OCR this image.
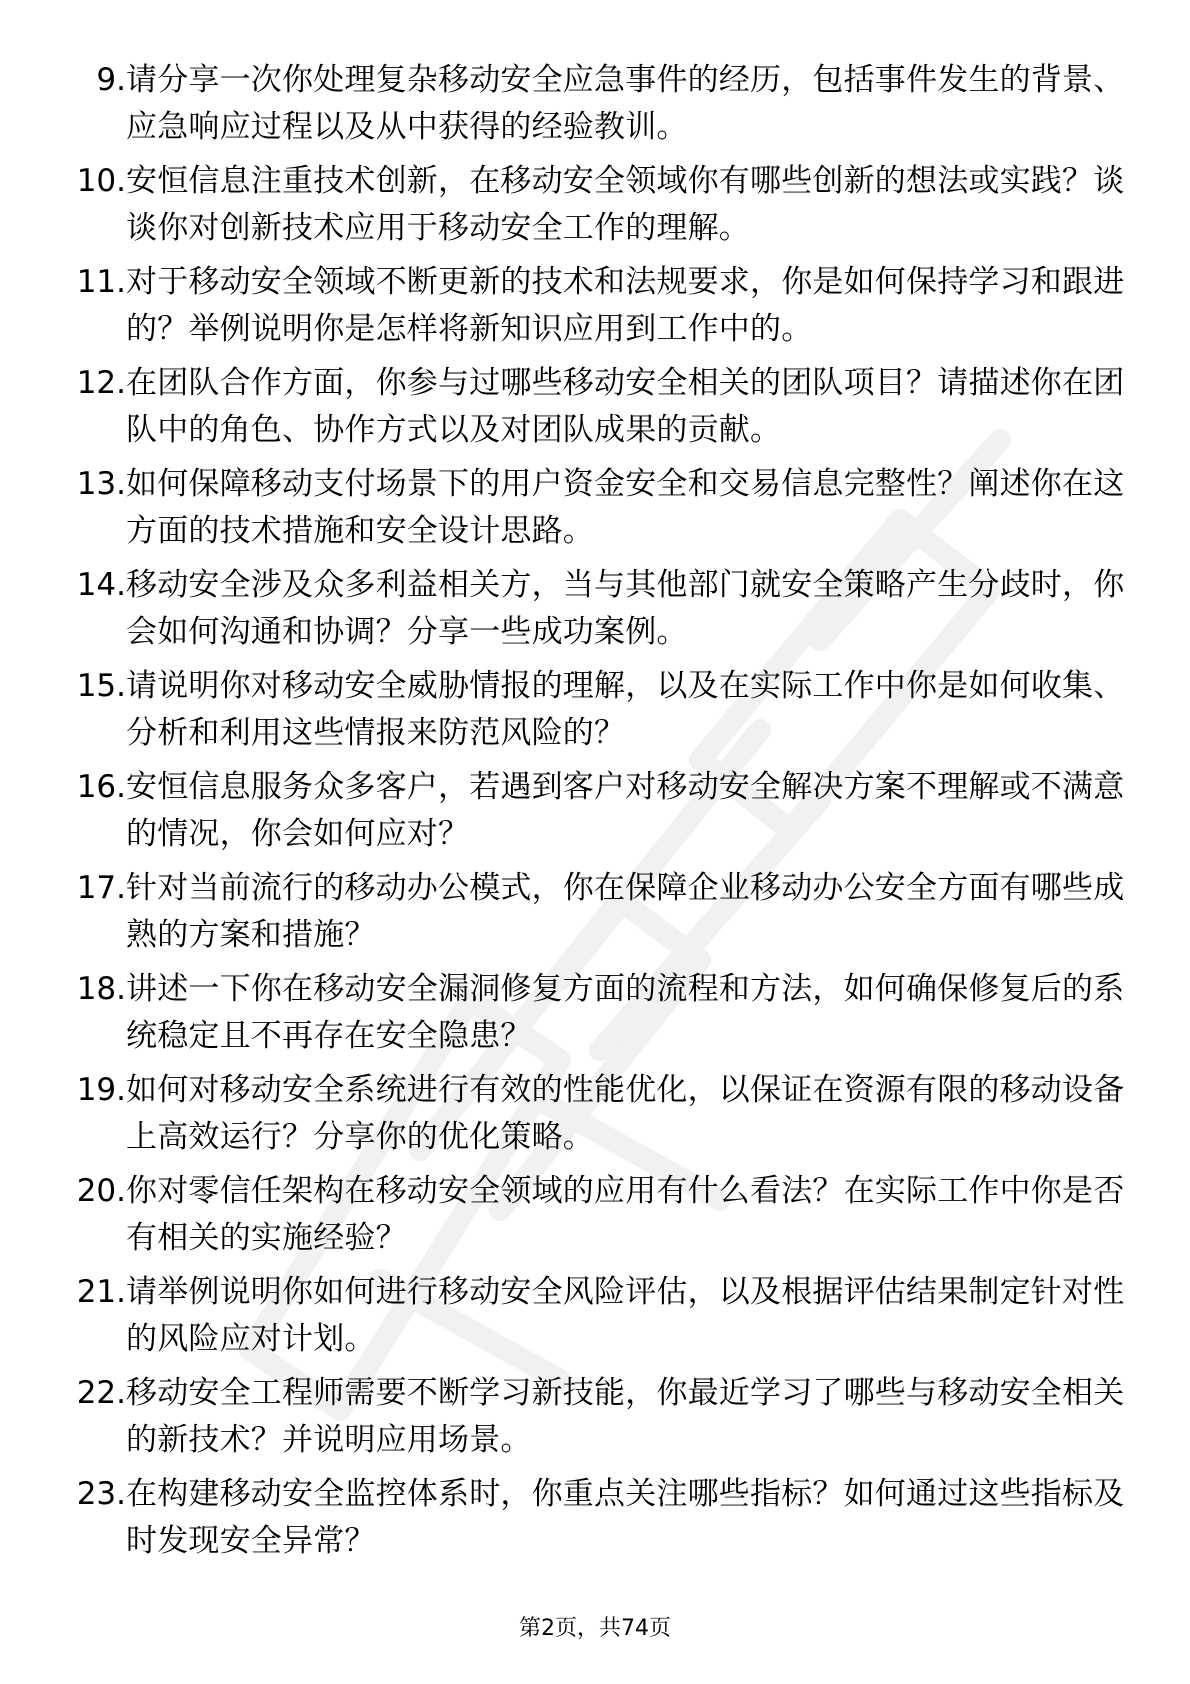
9. 请分享一次你处理复杂移动安全应急事件的经历，包括事件发生的背景、应急响应过程以及从中获得的经验教训。
10. 安恒信息注重技术创新，在移动安全领域你有哪些创新的想法或实践？谈谈你对创新技术应用于移动安全工作的理解。
11. 对于移动安全领域不断更新的技术和法规要求，你是如何保持学习和跟进的？举例说明你是怎样将新知识应用到工作中的。
12. 在团队合作方面，你参与过哪些移动安全相关的团队项目？请描述你在团队中的角色、协作方式以及对团队成果的贡献。
13. 如何保障移动支付场景下的用户资金安全和交易信息完整性？阐述你在这方面的技术措施和安全设计思路。
14. 移动安全涉及众多利益相关方，当与其他部门就安全策略产生分歧时，你会如何沟通和协调？分享一些成功案例。
15. 请说明你对移动安全威胁情报的理解，以及在实际工作中你是如何收集、分析和利用这些情报来防范风险的？
16. 安恒信息服务众多客户，若遇到客户对移动安全解决方案不理解或不满意的情况，你会如何应对？
17. 针对当前流行的移动办公模式，你在保障企业移动办公安全方面有哪些成熟的方案和措施？
18. 讲述一下你在移动安全漏洞修复方面的流程和方法，如何确保修复后的系统稳定且不再存在安全隐患？
19. 如何对移动安全系统进行有效的性能优化，以保证在资源有限的移动设备上高效运行？分享你的优化策略。
20. 你对零信任架构在移动安全领域的应用有什么看法？在实际工作中你是否有相关的实施经验？
21. 请举例说明你如何进行移动安全风险评估，以及根据评估结果制定针对性的风险应对计划。
22. 移动安全工程师需要不断学习新技能，你最近学习了哪些与移动安全相关的新技术？并说明应用场景。
23. 在构建移动安全监控体系时，你重点关注哪些指标？如何通过这些指标及时发现安全异常？
第2页，共74页
